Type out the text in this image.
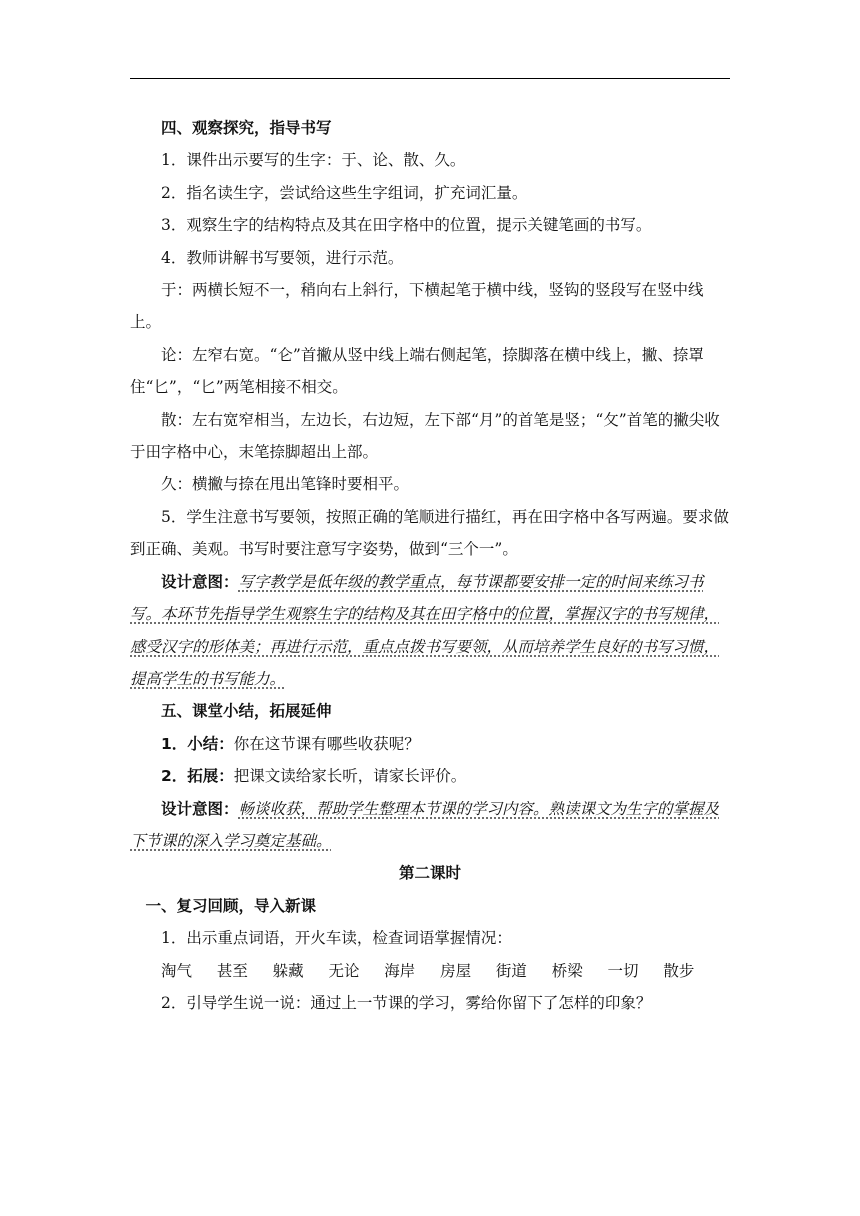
四、观察探究，指导书写

1．课件出示要写的生字：于、论、散、久。

2．指名读生字，尝试给这些生字组词，扩充词汇量。

3．观察生字的结构特点及其在田字格中的位置，提示关键笔画的书写。

4．教师讲解书写要领，进行示范。

于：两横长短不一，稍向右上斜行，下横起笔于横中线，竖钩的竖段写在竖中线上。

论：左窄右宽。“仑”首撇从竖中线上端右侧起笔，捺脚落在横中线上，撇、捺罩住“匕”，“匕”两笔相接不相交。

散：左右宽窄相当，左边长，右边短，左下部“月”的首笔是竖；“攵”首笔的撇尖收于田字格中心，末笔捺脚超出上部。

久：横撇与捺在甩出笔锋时要相平。

5．学生注意书写要领，按照正确的笔顺进行描红，再在田字格中各写两遍。要求做到正确、美观。书写时要注意写字姿势，做到“三个一”。

设计意图：写字教学是低年级的教学重点，每节课都要安排一定的时间来练习书写。本环节先指导学生观察生字的结构及其在田字格中的位置，掌握汉字的书写规律，感受汉字的形体美；再进行示范，重点点拨书写要领，从而培养学生良好的书写习惯，提高学生的书写能力。

五、课堂小结，拓展延伸

1．小结：你在这节课有哪些收获呢？

2．拓展：把课文读给家长听，请家长评价。

设计意图：畅谈收获，帮助学生整理本节课的学习内容。熟读课文为生字的掌握及下节课的深入学习奠定基础。

第二课时

一、复习回顾，导入新课

1．出示重点词语，开火车读，检查词语掌握情况：

淘气 甚至 躲藏 无论 海岸 房屋 街道 桥梁 一切 散步

2．引导学生说一说：通过上一节课的学习，雾给你留下了怎样的印象？
